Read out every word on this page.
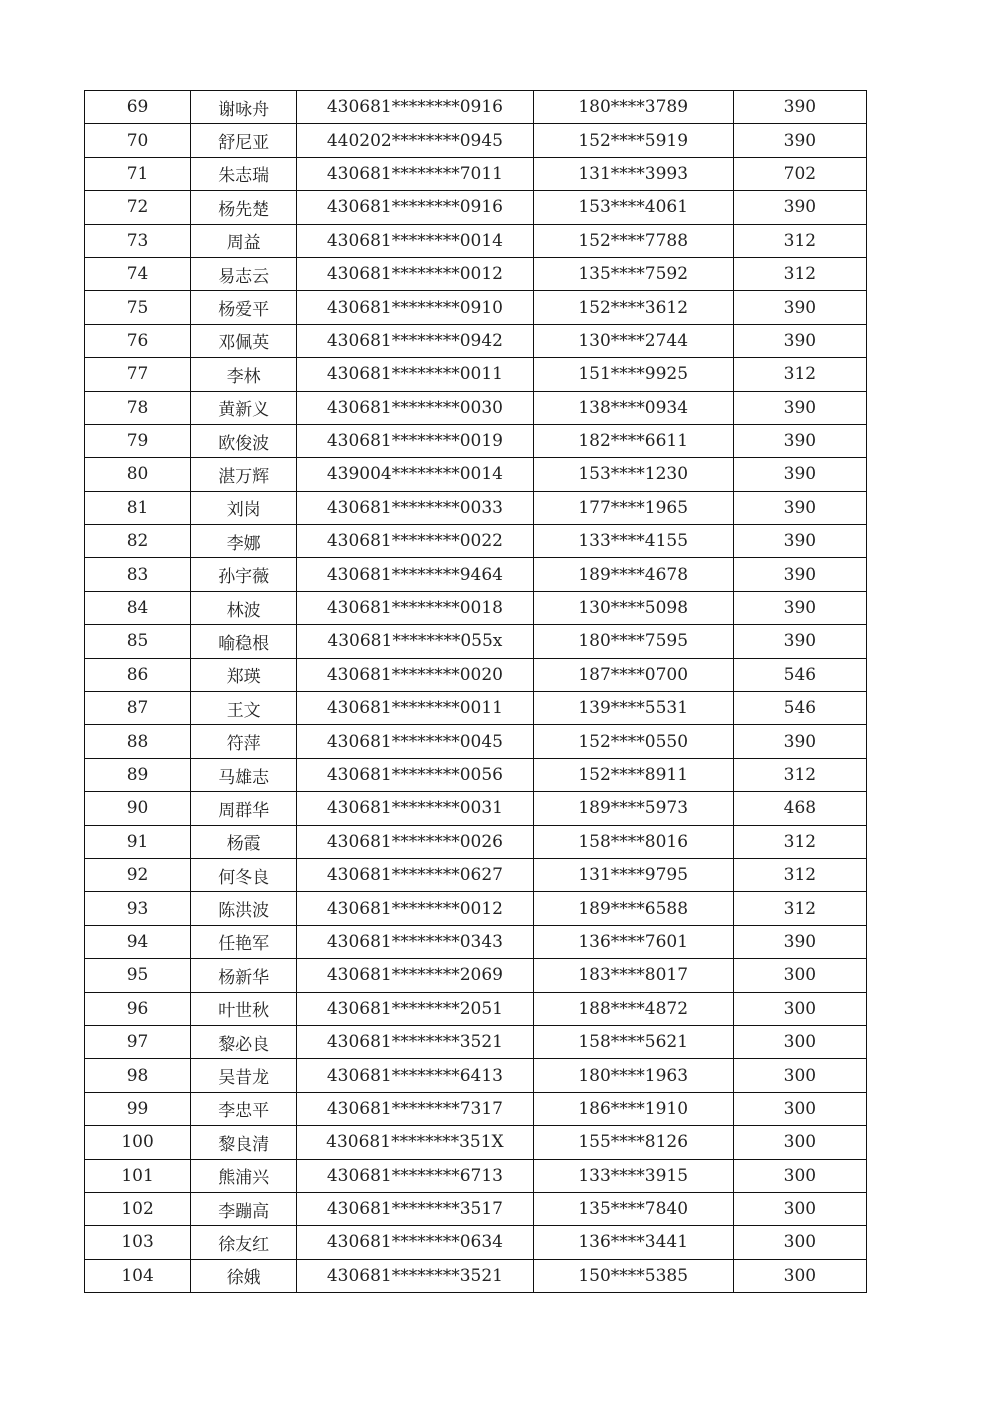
69	谢咏舟	430681********0916	180****3789	390
70	舒尼亚	440202********0945	152****5919	390
71	朱志瑞	430681********7011	131****3993	702
72	杨先楚	430681********0916	153****4061	390
73	周益	430681********0014	152****7788	312
74	易志云	430681********0012	135****7592	312
75	杨爱平	430681********0910	152****3612	390
76	邓佩英	430681********0942	130****2744	390
77	李林	430681********0011	151****9925	312
78	黄新义	430681********0030	138****0934	390
79	欧俊波	430681********0019	182****6611	390
80	湛万辉	439004********0014	153****1230	390
81	刘岗	430681********0033	177****1965	390
82	李娜	430681********0022	133****4155	390
83	孙宇薇	430681********9464	189****4678	390
84	林波	430681********0018	130****5098	390
85	喻稳根	430681********055x	180****7595	390
86	郑瑛	430681********0020	187****0700	546
87	王文	430681********0011	139****5531	546
88	符萍	430681********0045	152****0550	390
89	马雄志	430681********0056	152****8911	312
90	周群华	430681********0031	189****5973	468
91	杨霞	430681********0026	158****8016	312
92	何冬良	430681********0627	131****9795	312
93	陈洪波	430681********0012	189****6588	312
94	任艳军	430681********0343	136****7601	390
95	杨新华	430681********2069	183****8017	300
96	叶世秋	430681********2051	188****4872	300
97	黎必良	430681********3521	158****5621	300
98	吴昔龙	430681********6413	180****1963	300
99	李忠平	430681********7317	186****1910	300
100	黎良清	430681********351X	155****8126	300
101	熊浦兴	430681********6713	133****3915	300
102	李蹦高	430681********3517	135****7840	300
103	徐友红	430681********0634	136****3441	300
104	徐娥	430681********3521	150****5385	300
